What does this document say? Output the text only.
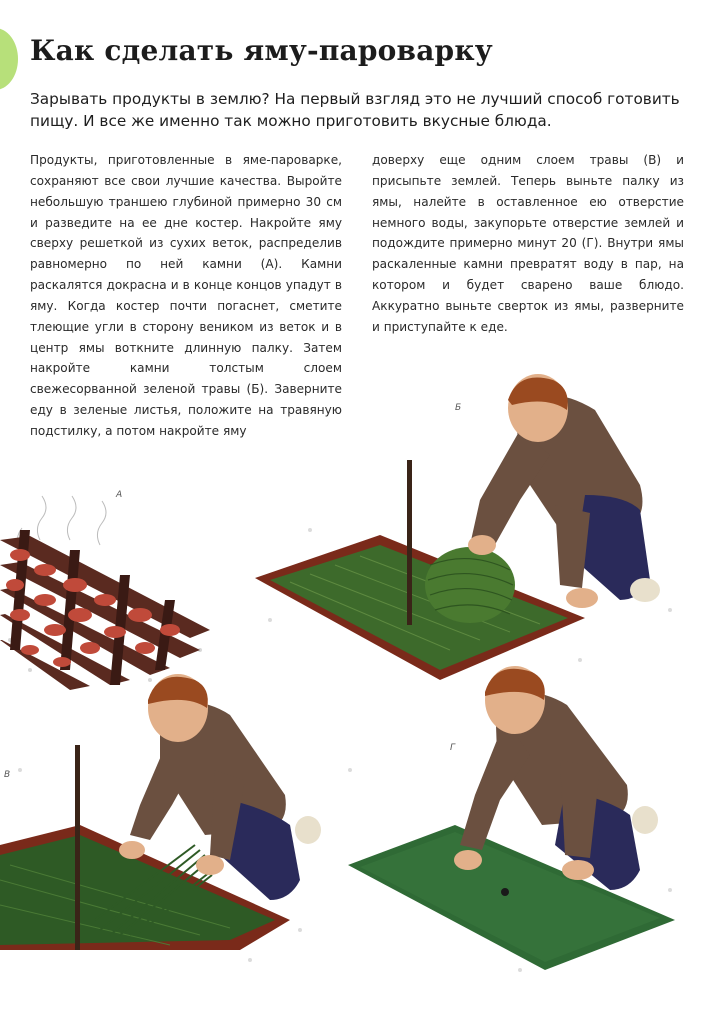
Как сделать яму-пароварку

Зарывать продукты в землю? На первый взгляд это не лучший способ готовить пищу. И все же именно так можно приготовить вкусные блюда.

Продукты, приготовленные в яме-пароварке, сохраняют все свои лучшие качества. Выройте небольшую траншею глубиной примерно 30 см и разведите на ее дне костер. Накройте яму сверху решеткой из сухих веток, распределив равномерно по ней камни (А). Камни раскалятся докрасна и в конце концов упадут в яму. Когда костер почти погаснет, сметите тлеющие угли в сторону веником из веток и в центр ямы воткните длинную палку. Затем накройте камни толстым слоем свежесорванной зеленой травы (Б). Заверните еду в зеленые листья, положите на травяную подстилку, а потом накройте яму

доверху еще одним слоем травы (В) и присыпьте землей. Теперь выньте палку из ямы, налейте в оставленное ею отверстие немного воды, закупорьте отверстие землей и подождите примерно минут 20 (Г). Внутри ямы раскаленные камни превратят воду в пар, на котором и будет сварено ваше блюдо. Аккуратно выньте сверток из ямы, разверните и приступайте к еде.

А
Б
В
Г
